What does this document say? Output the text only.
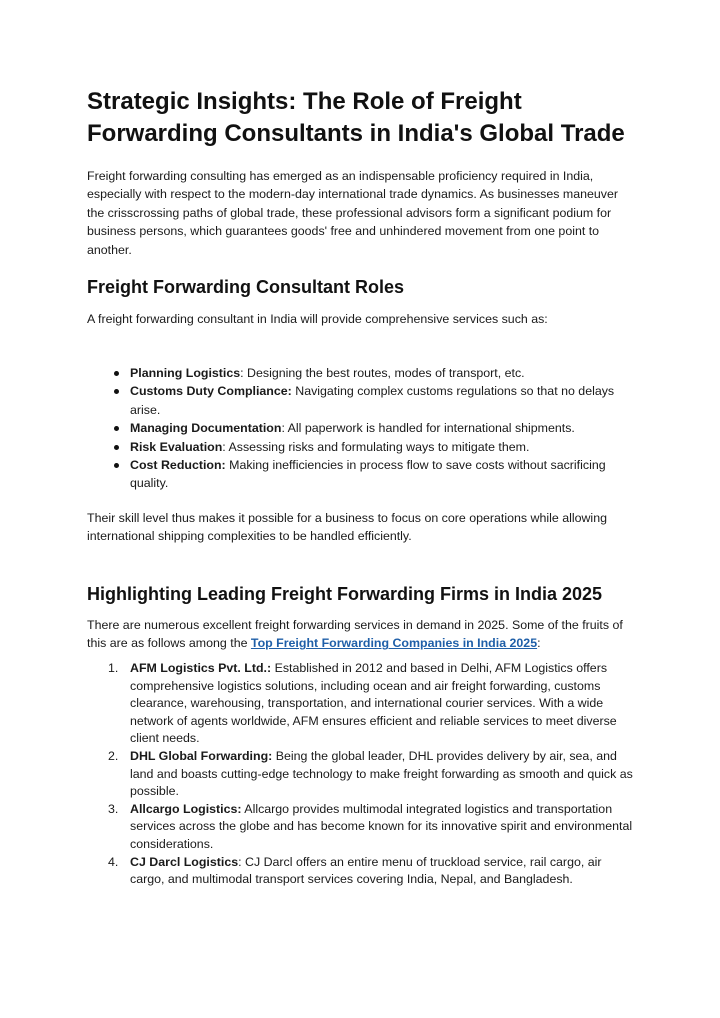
Strategic Insights: The Role of Freight Forwarding Consultants in India's Global Trade

Freight forwarding consulting has emerged as an indispensable proficiency required in India, especially with respect to the modern-day international trade dynamics. As businesses maneuver the crisscrossing paths of global trade, these professional advisors form a significant podium for business persons, which guarantees goods' free and unhindered movement from one point to another.

Freight Forwarding Consultant Roles

A freight forwarding consultant in India will provide comprehensive services such as:

Planning Logistics: Designing the best routes, modes of transport, etc.
Customs Duty Compliance: Navigating complex customs regulations so that no delays arise.
Managing Documentation: All paperwork is handled for international shipments.
Risk Evaluation: Assessing risks and formulating ways to mitigate them.
Cost Reduction: Making inefficiencies in process flow to save costs without sacrificing quality.

Their skill level thus makes it possible for a business to focus on core operations while allowing international shipping complexities to be handled efficiently.

Highlighting Leading Freight Forwarding Firms in India 2025

There are numerous excellent freight forwarding services in demand in 2025. Some of the fruits of this are as follows among the Top Freight Forwarding Companies in India 2025:

1. AFM Logistics Pvt. Ltd.: Established in 2012 and based in Delhi, AFM Logistics offers comprehensive logistics solutions, including ocean and air freight forwarding, customs clearance, warehousing, transportation, and international courier services. With a wide network of agents worldwide, AFM ensures efficient and reliable services to meet diverse client needs.
2. DHL Global Forwarding: Being the global leader, DHL provides delivery by air, sea, and land and boasts cutting-edge technology to make freight forwarding as smooth and quick as possible.
3. Allcargo Logistics: Allcargo provides multimodal integrated logistics and transportation services across the globe and has become known for its innovative spirit and environmental considerations.
4. CJ Darcl Logistics: CJ Darcl offers an entire menu of truckload service, rail cargo, air cargo, and multimodal transport services covering India, Nepal, and Bangladesh.
